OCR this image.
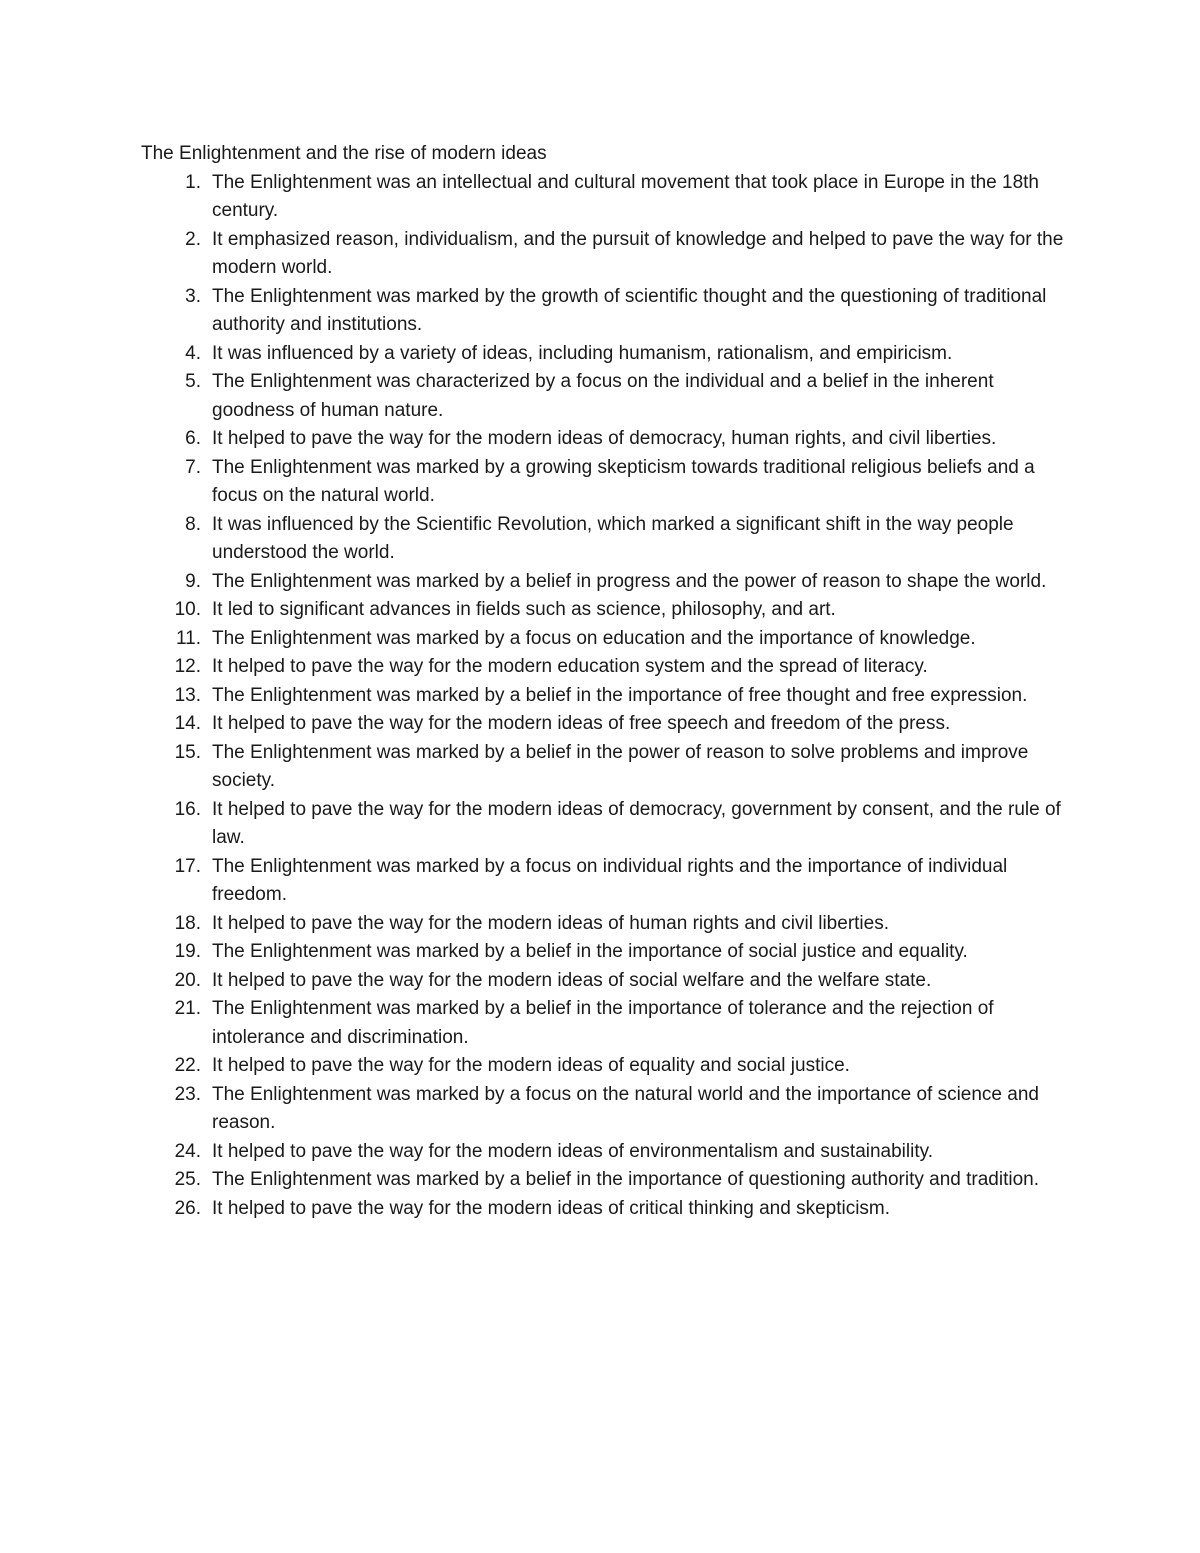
The Enlightenment and the rise of modern ideas
1. The Enlightenment was an intellectual and cultural movement that took place in Europe in the 18th century.
2. It emphasized reason, individualism, and the pursuit of knowledge and helped to pave the way for the modern world.
3. The Enlightenment was marked by the growth of scientific thought and the questioning of traditional authority and institutions.
4. It was influenced by a variety of ideas, including humanism, rationalism, and empiricism.
5. The Enlightenment was characterized by a focus on the individual and a belief in the inherent goodness of human nature.
6. It helped to pave the way for the modern ideas of democracy, human rights, and civil liberties.
7. The Enlightenment was marked by a growing skepticism towards traditional religious beliefs and a focus on the natural world.
8. It was influenced by the Scientific Revolution, which marked a significant shift in the way people understood the world.
9. The Enlightenment was marked by a belief in progress and the power of reason to shape the world.
10. It led to significant advances in fields such as science, philosophy, and art.
11. The Enlightenment was marked by a focus on education and the importance of knowledge.
12. It helped to pave the way for the modern education system and the spread of literacy.
13. The Enlightenment was marked by a belief in the importance of free thought and free expression.
14. It helped to pave the way for the modern ideas of free speech and freedom of the press.
15. The Enlightenment was marked by a belief in the power of reason to solve problems and improve society.
16. It helped to pave the way for the modern ideas of democracy, government by consent, and the rule of law.
17. The Enlightenment was marked by a focus on individual rights and the importance of individual freedom.
18. It helped to pave the way for the modern ideas of human rights and civil liberties.
19. The Enlightenment was marked by a belief in the importance of social justice and equality.
20. It helped to pave the way for the modern ideas of social welfare and the welfare state.
21. The Enlightenment was marked by a belief in the importance of tolerance and the rejection of intolerance and discrimination.
22. It helped to pave the way for the modern ideas of equality and social justice.
23. The Enlightenment was marked by a focus on the natural world and the importance of science and reason.
24. It helped to pave the way for the modern ideas of environmentalism and sustainability.
25. The Enlightenment was marked by a belief in the importance of questioning authority and tradition.
26. It helped to pave the way for the modern ideas of critical thinking and skepticism.
